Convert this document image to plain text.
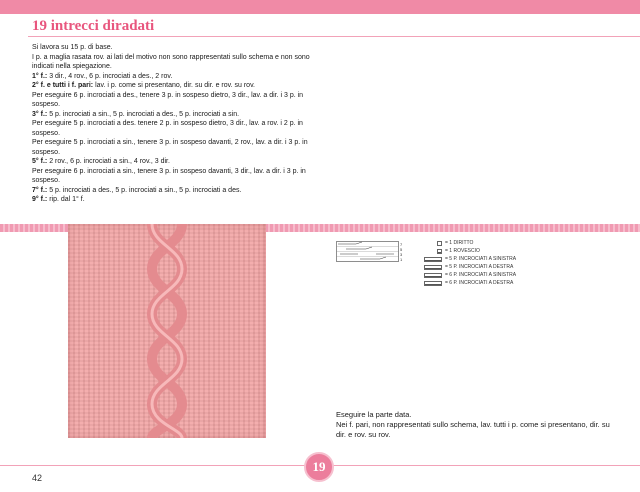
19 intrecci diradati

Si lavora su 15 p. di base.

I p. a maglia rasata rov. ai lati del motivo non sono rappresentati sullo schema e non sono indicati nella spiegazione.

1° f.: 3 dir., 4 rov., 6 p. incrociati a des., 2 rov.

2° f. e tutti i f. pari: lav. i p. come si presentano, dir. su dir. e rov. su rov.

Per eseguire 6 p. incrociati a des., tenere 3 p. in sospeso dietro, 3 dir., lav. a dir. i 3 p. in sospeso.

3° f.: 5 p. incrociati a sin., 5 p. incrociati a des., 5 p. incrociati a sin.

Per eseguire 5 p. incrociati a des. tenere 2 p. in sospeso dietro, 3 dir., lav. a rov. i 2 p. in sospeso.

Per eseguire 5 p. incrociati a sin., tenere 3 p. in sospeso davanti, 2 rov., lav. a dir. i 3 p. in sospeso.

5° f.: 2 rov., 6 p. incrociati a sin., 4 rov., 3 dir.

Per eseguire 6 p. incrociati a sin., tenere 3 p. in sospeso davanti, 3 dir., lav. a dir. i 3 p. in sospeso.

7° f.: 5 p. incrociati a des., 5 p. incrociati a sin., 5 p. incrociati a des.

9° f.: rip. dal 1° f.

7
5
3
1
= 1 DIRITTO
= 1 ROVESCIO
= 5 P. INCROCIATI A SINISTRA
= 5 P. INCROCIATI A DESTRA
= 6 P. INCROCIATI A SINISTRA
= 6 P. INCROCIATI A DESTRA

Eseguire la parte data.
Nei f. pari, non rappresentati sullo schema, lav. tutti i p. come si presentano, dir. su dir. e rov. su rov.

42
19
